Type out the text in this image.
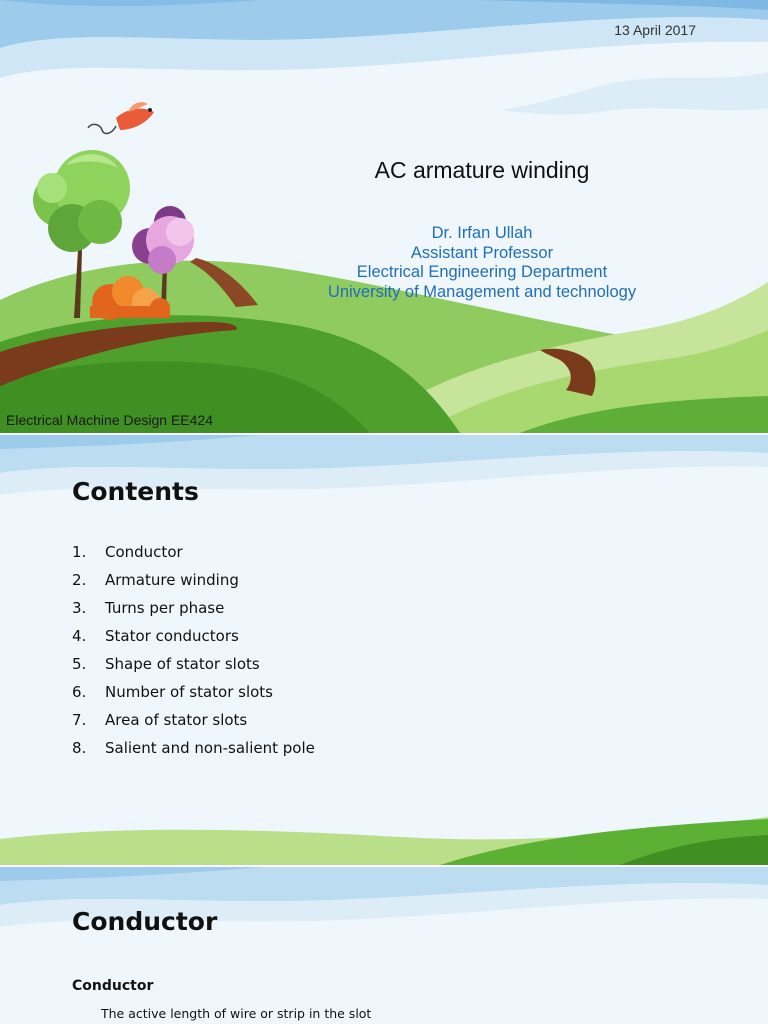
13 April 2017
AC armature winding
Dr. Irfan Ullah
Assistant Professor
Electrical Engineering Department
University of Management and technology
Electrical Machine Design EE424
Contents
1. Conductor
2. Armature winding
3. Turns per phase
4. Stator conductors
5. Shape of stator slots
6. Number of stator slots
7. Area of stator slots
8. Salient and non-salient pole
Conductor
Conductor
The active length of wire or strip in the slot
